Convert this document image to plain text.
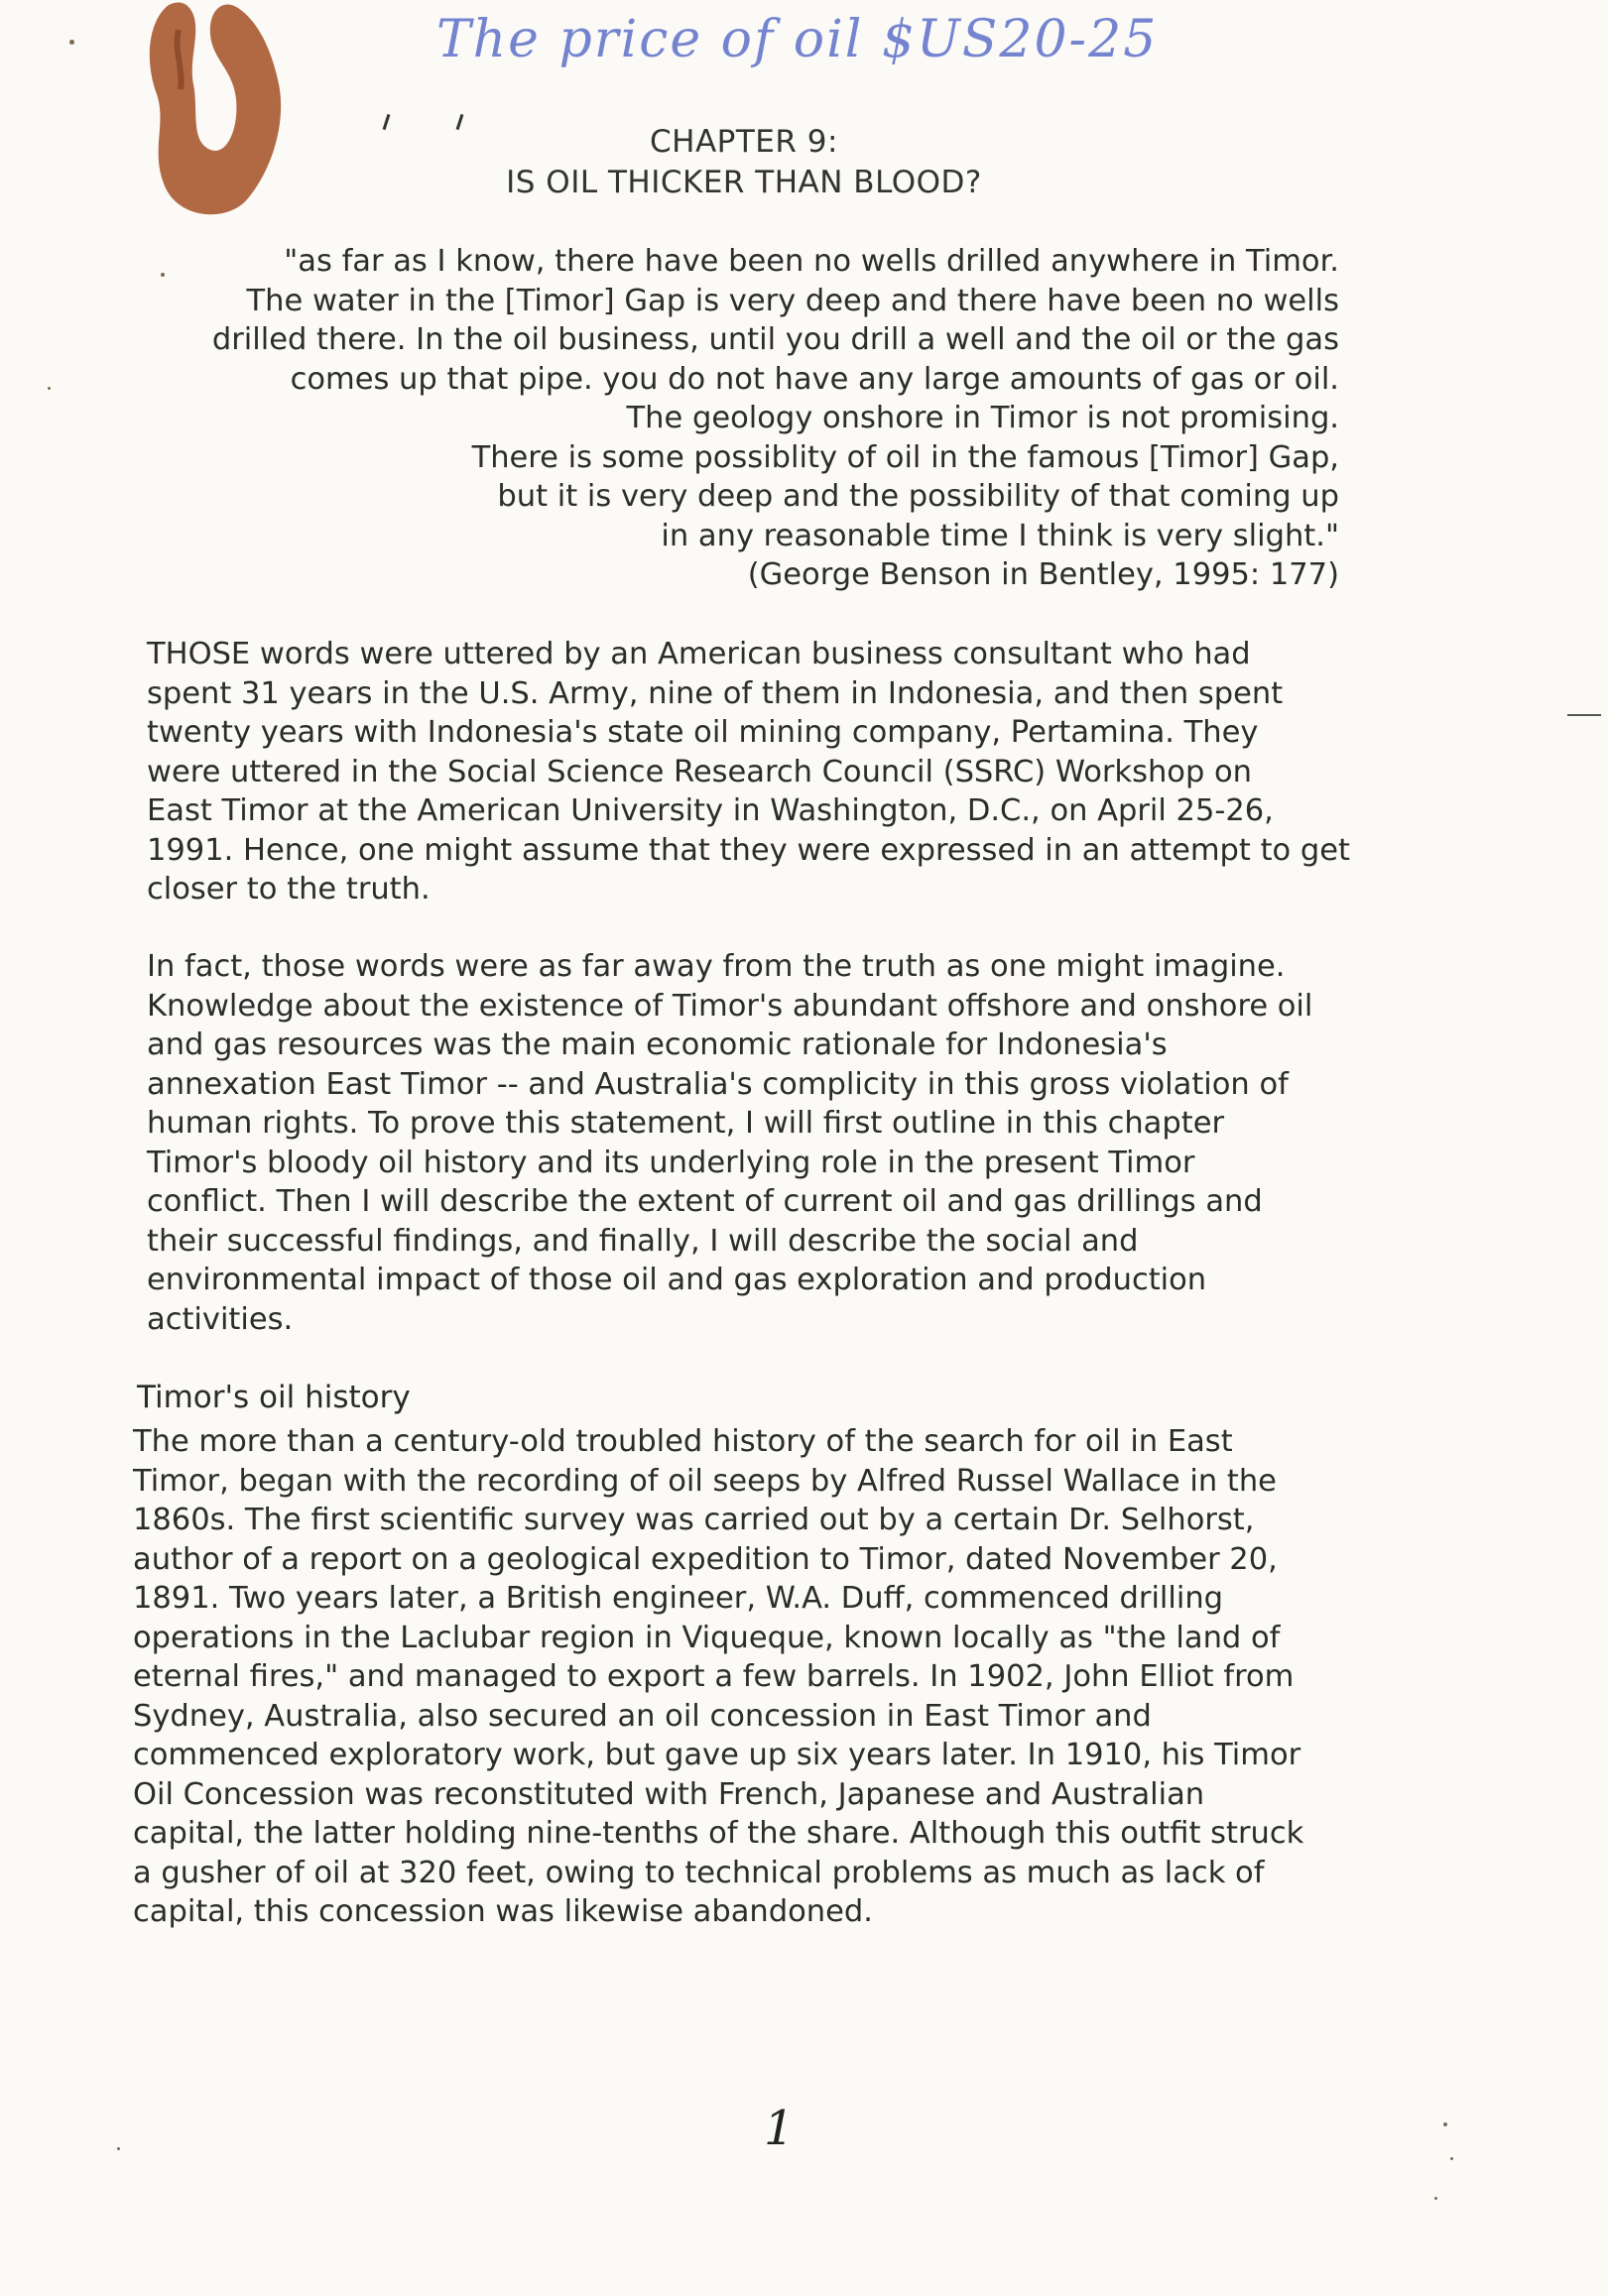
The price of oil $US20-25
CHAPTER 9:
IS OIL THICKER THAN BLOOD?
"as far as I know, there have been no wells drilled anywhere in Timor.
The water in the [Timor] Gap is very deep and there have been no wells
drilled there. In the oil business, until you drill a well and the oil or the gas
comes up that pipe. you do not have any large amounts of gas or oil.
The geology onshore in Timor is not promising.
There is some possiblity of oil in the famous [Timor] Gap,
but it is very deep and the possibility of that coming up
in any reasonable time I think is very slight."
(George Benson in Bentley, 1995: 177)
THOSE words were uttered by an American business consultant who had
spent 31 years in the U.S. Army, nine of them in Indonesia, and then spent
twenty years with Indonesia's state oil mining company, Pertamina. They
were uttered in the Social Science Research Council (SSRC) Workshop on
East Timor at the American University in Washington, D.C., on April 25-26,
1991. Hence, one might assume that they were expressed in an attempt to get
closer to the truth.
In fact, those words were as far away from the truth as one might imagine.
Knowledge about the existence of Timor's abundant offshore and onshore oil
and gas resources was the main economic rationale for Indonesia's
annexation East Timor -- and Australia's complicity in this gross violation of
human rights. To prove this statement, I will first outline in this chapter
Timor's bloody oil history and its underlying role in the present Timor
conflict. Then I will describe the extent of current oil and gas drillings and
their successful findings, and finally, I will describe the social and
environmental impact of those oil and gas exploration and production
activities.
Timor's oil history
The more than a century-old troubled history of the search for oil in East
Timor, began with the recording of oil seeps by Alfred Russel Wallace in the
1860s. The first scientific survey was carried out by a certain Dr. Selhorst,
author of a report on a geological expedition to Timor, dated November 20,
1891. Two years later, a British engineer, W.A. Duff, commenced drilling
operations in the Laclubar region in Viqueque, known locally as "the land of
eternal fires," and managed to export a few barrels. In 1902, John Elliot from
Sydney, Australia, also secured an oil concession in East Timor and
commenced exploratory work, but gave up six years later. In 1910, his Timor
Oil Concession was reconstituted with French, Japanese and Australian
capital, the latter holding nine-tenths of the share. Although this outfit struck
a gusher of oil at 320 feet, owing to technical problems as much as lack of
capital, this concession was likewise abandoned.
1
